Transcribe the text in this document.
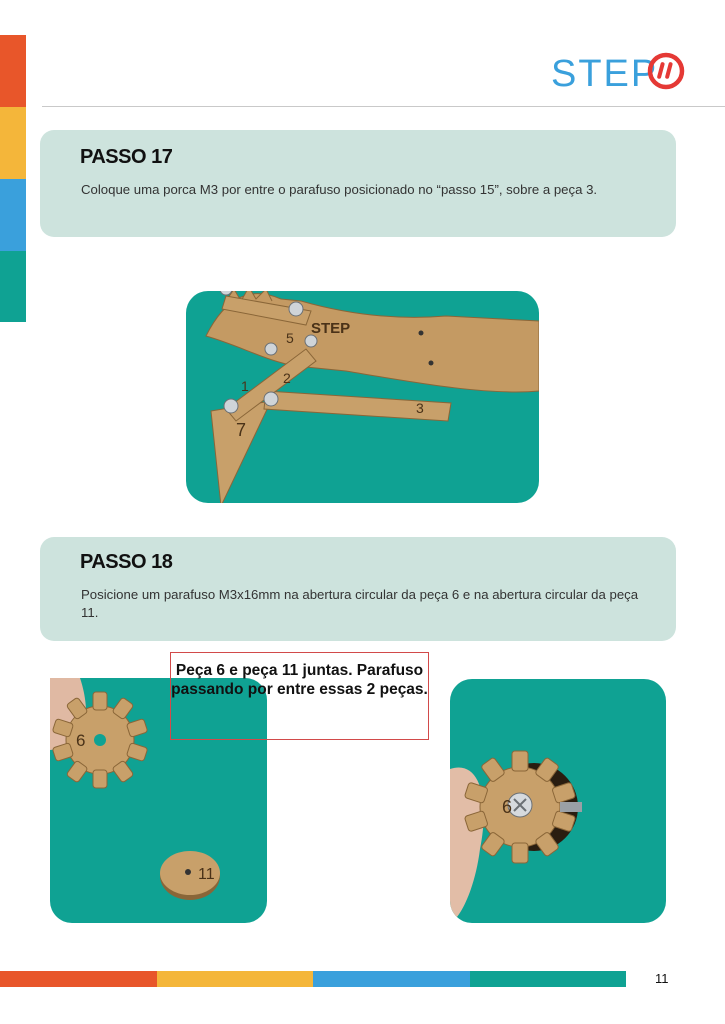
STEP
PASSO 17
Coloque uma porca M3 por entre o parafuso posicionado no “passo 15”, sobre a peça 3.
5
1 2
7
3
STEP
PASSO 18
Posicione um parafuso M3x16mm na abertura circular da peça 6 e na abertura circular da peça 11.
6
11
Peça 6 e peça 11 juntas. Parafuso passando por entre essas 2 peças.
6
11
